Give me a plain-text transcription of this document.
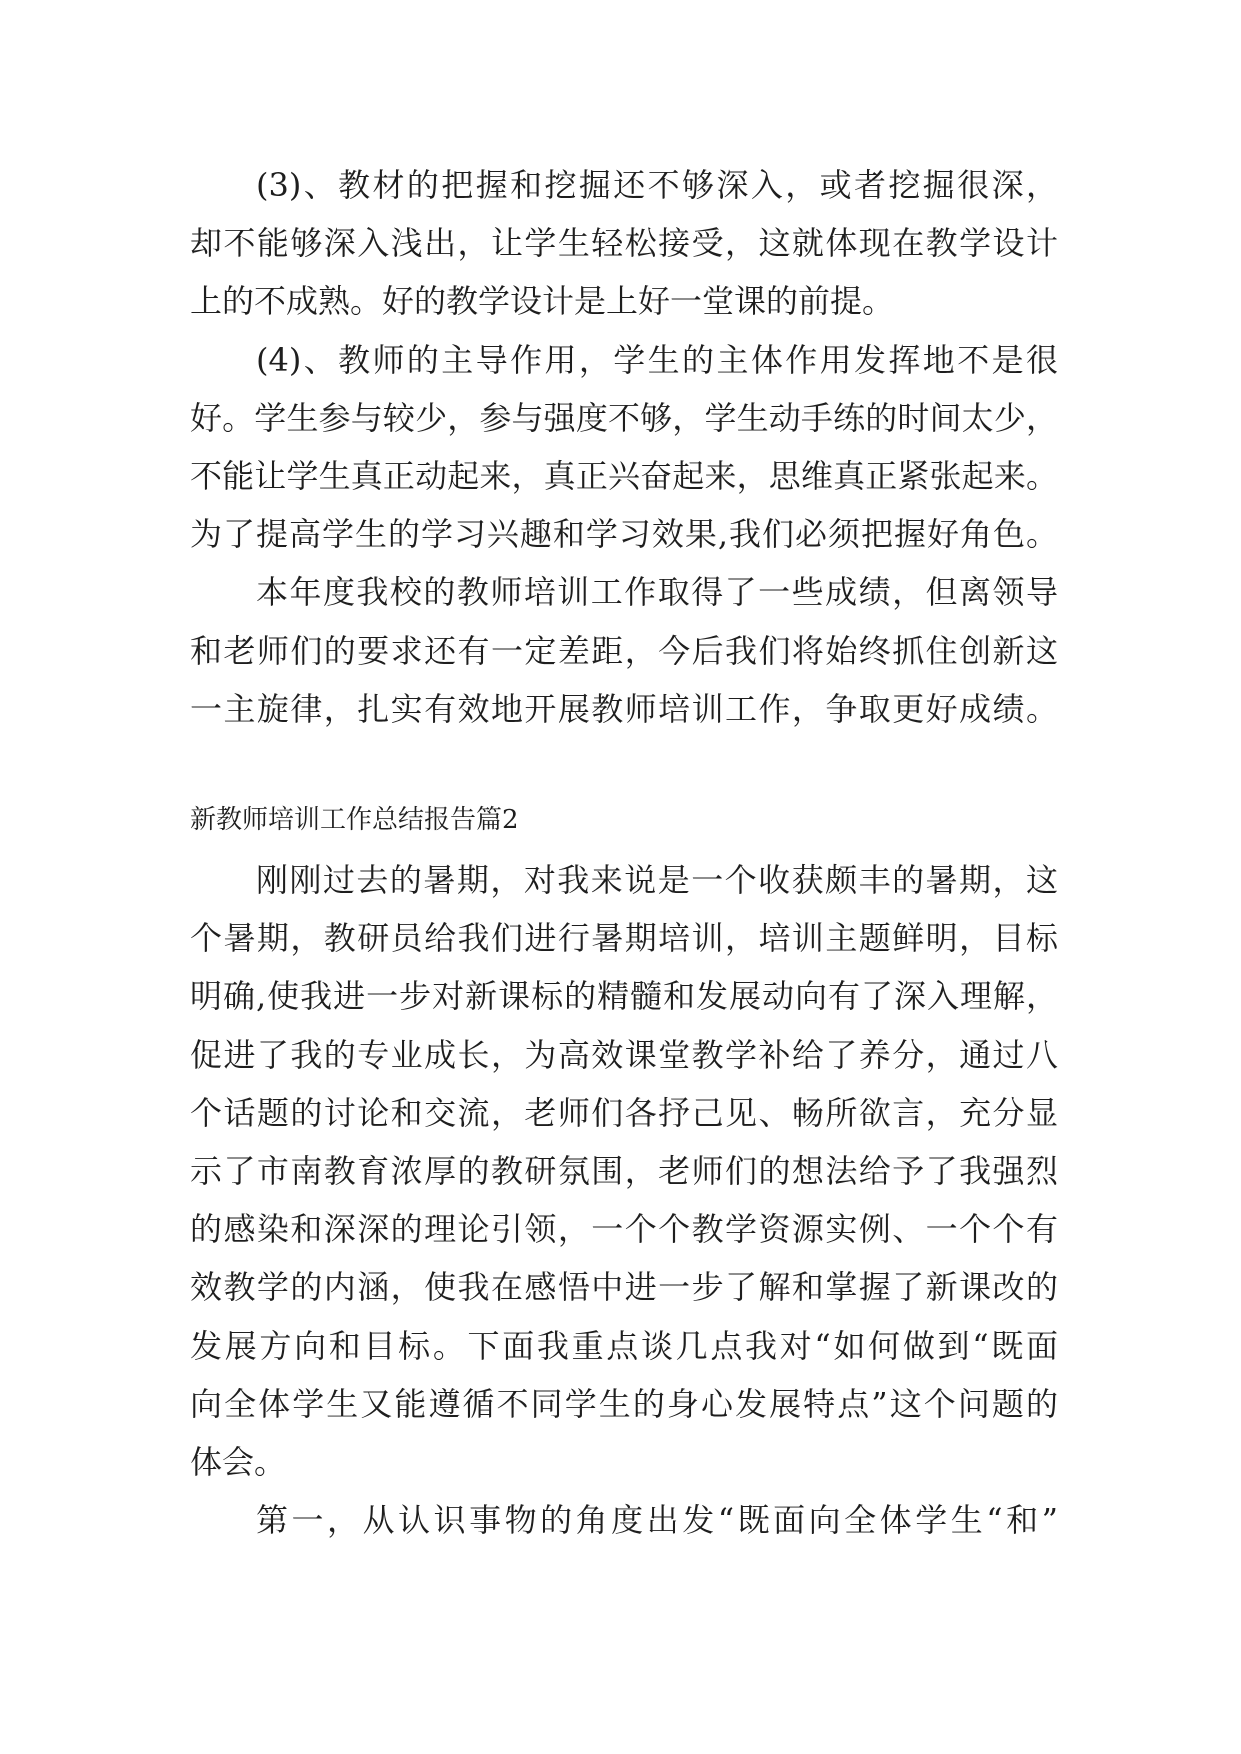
(3)、教材的把握和挖掘还不够深入，或者挖掘很深，
却不能够深入浅出，让学生轻松接受，这就体现在教学设计
上的不成熟。好的教学设计是上好一堂课的前提。
(4)、教师的主导作用，学生的主体作用发挥地不是很
好。学生参与较少，参与强度不够，学生动手练的时间太少，
不能让学生真正动起来，真正兴奋起来，思维真正紧张起来。
为了提高学生的学习兴趣和学习效果,我们必须把握好角色。
本年度我校的教师培训工作取得了一些成绩，但离领导
和老师们的要求还有一定差距，今后我们将始终抓住创新这
一主旋律，扎实有效地开展教师培训工作，争取更好成绩。
新教师培训工作总结报告篇2
刚刚过去的暑期，对我来说是一个收获颇丰的暑期，这
个暑期，教研员给我们进行暑期培训，培训主题鲜明，目标
明确,使我进一步对新课标的精髓和发展动向有了深入理解，
促进了我的专业成长，为高效课堂教学补给了养分，通过八
个话题的讨论和交流，老师们各抒己见、畅所欲言，充分显
示了市南教育浓厚的教研氛围，老师们的想法给予了我强烈
的感染和深深的理论引领，一个个教学资源实例、一个个有
效教学的内涵，使我在感悟中进一步了解和掌握了新课改的
发展方向和目标。下面我重点谈几点我对“如何做到“既面
向全体学生又能遵循不同学生的身心发展特点”这个问题的
体会。
第一，从认识事物的角度出发“既面向全体学生“和”
